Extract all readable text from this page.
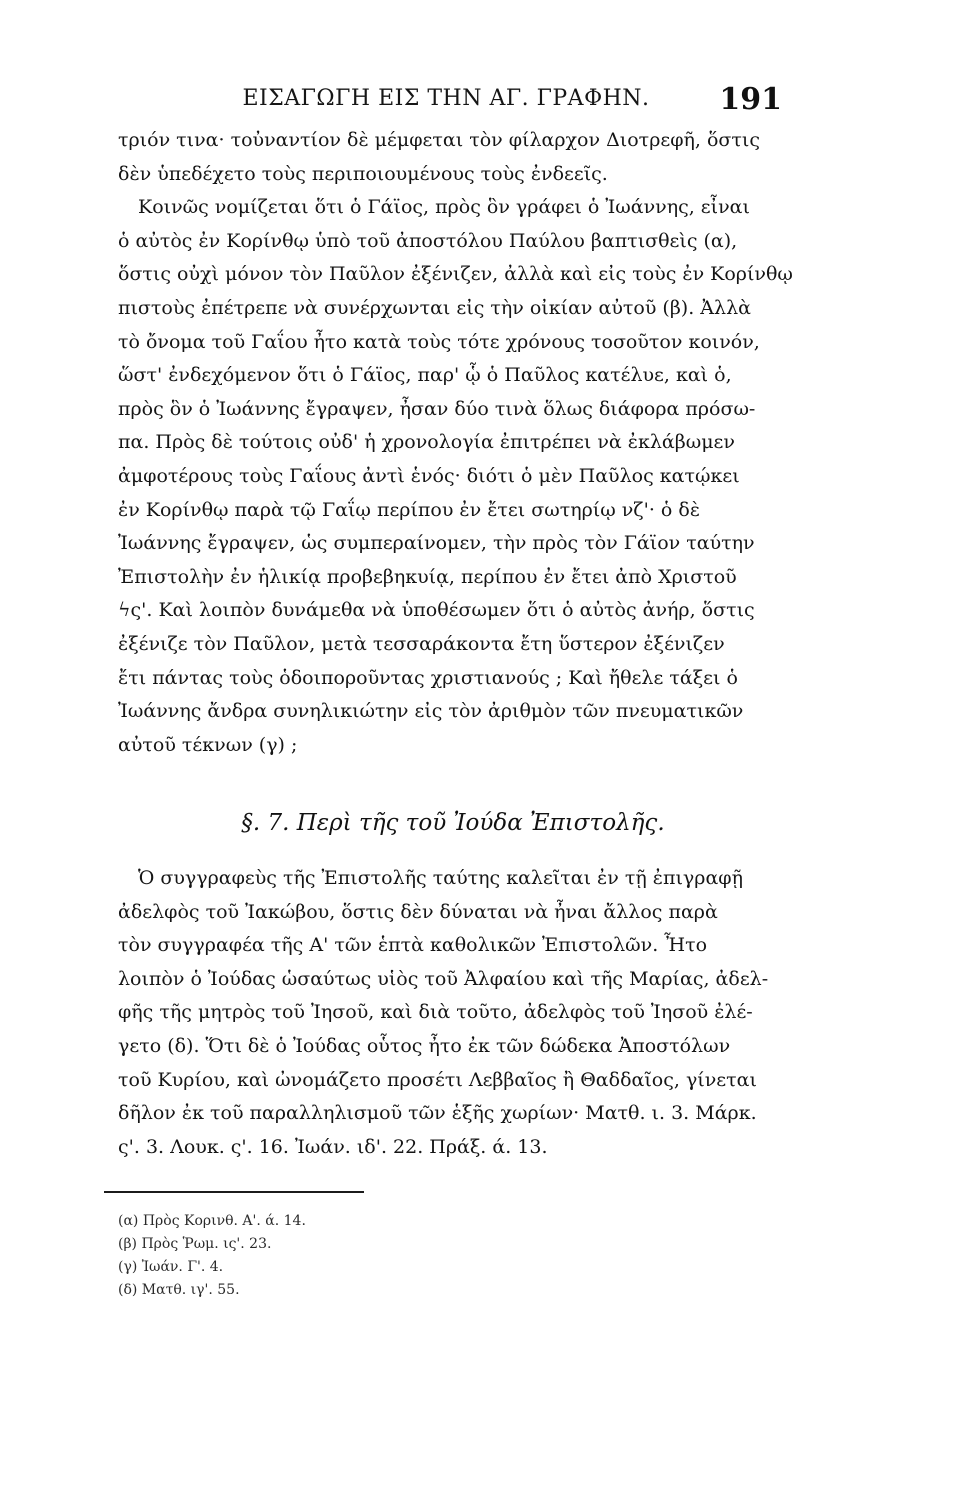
ΕΙΣΑΓΩΓΗ ΕΙΣ ΤΗΝ ΑΓ. ΓΡΑΦΗΝ.	191
τριόν τινα· τοὐναντίον δὲ μέμφεται τὸν φίλαρχον Διοτρεφῆ, ὅστις
δὲν ὑπεδέχετο τοὺς περιποιουμένους τοὺς ἐνδεεῖς.
Κοινῶς νομίζεται ὅτι ὁ Γάϊος, πρὸς ὃν γράφει ὁ Ἰωάννης, εἶναι
ὁ αὐτὸς ἐν Κορίνθῳ ὑπὸ τοῦ ἀποστόλου Παύλου βαπτισθεὶς (α),
ὅστις οὐχὶ μόνον τὸν Παῦλον ἐξένιζεν, ἀλλὰ καὶ εἰς τοὺς ἐν Κορίνθῳ
πιστοὺς ἐπέτρεπε νὰ συνέρχωνται εἰς τὴν οἰκίαν αὐτοῦ (β). Ἀλλὰ
τὸ ὄνομα τοῦ Γαΐου ἦτο κατὰ τοὺς τότε χρόνους τοσοῦτον κοινόν,
ὥστ' ἐνδεχόμενον ὅτι ὁ Γάϊος, παρ' ᾧ ὁ Παῦλος κατέλυε, καὶ ὁ,
πρὸς ὃν ὁ Ἰωάννης ἔγραψεν, ἦσαν δύο τινὰ ὅλως διάφορα πρόσω-
πα. Πρὸς δὲ τούτοις οὐδ' ἡ χρονολογία ἐπιτρέπει νὰ ἐκλάβωμεν
ἀμφοτέρους τοὺς Γαΐους ἀντὶ ἑνός· διότι ὁ μὲν Παῦλος κατῴκει
ἐν Κορίνθῳ παρὰ τῷ Γαΐῳ περίπου ἐν ἔτει σωτηρίῳ νζ'· ὁ δὲ
Ἰωάννης ἔγραψεν, ὡς συμπεραίνομεν, τὴν πρὸς τὸν Γάϊον ταύτην
Ἐπιστολὴν ἐν ἡλικίᾳ προβεβηκυίᾳ, περίπου ἐν ἔτει ἀπὸ Χριστοῦ
ϟς'. Καὶ λοιπὸν δυνάμεθα νὰ ὑποθέσωμεν ὅτι ὁ αὐτὸς ἀνήρ, ὅστις
ἐξένιζε τὸν Παῦλον, μετὰ τεσσαράκοντα ἔτη ὕστερον ἐξένιζεν
ἔτι πάντας τοὺς ὁδοιποροῦντας χριστιανούς ; Καὶ ἤθελε τάξει ὁ
Ἰωάννης ἄνδρα συνηλικιώτην εἰς τὸν ἀριθμὸν τῶν πνευματικῶν
αὐτοῦ τέκνων (γ) ;
§. 7. Περὶ τῆς τοῦ Ἰούδα Ἐπιστολῆς.
Ὁ συγγραφεὺς τῆς Ἐπιστολῆς ταύτης καλεῖται ἐν τῇ ἐπιγραφῇ
ἀδελφὸς τοῦ Ἰακώβου, ὅστις δὲν δύναται νὰ ἦναι ἄλλος παρὰ
τὸν συγγραφέα τῆς Α' τῶν ἑπτὰ καθολικῶν Ἐπιστολῶν. Ἦτο
λοιπὸν ὁ Ἰούδας ὡσαύτως υἱὸς τοῦ Ἀλφαίου καὶ τῆς Μαρίας, ἀδελ-
φῆς τῆς μητρὸς τοῦ Ἰησοῦ, καὶ διὰ τοῦτο, ἀδελφὸς τοῦ Ἰησοῦ ἐλέ-
γετο (δ). Ὅτι δὲ ὁ Ἰούδας οὗτος ἦτο ἐκ τῶν δώδεκα Ἀποστόλων
τοῦ Κυρίου, καὶ ὠνομάζετο προσέτι Λεββαῖος ἢ Θαδδαῖος, γίνεται
δῆλον ἐκ τοῦ παραλληλισμοῦ τῶν ἑξῆς χωρίων· Ματθ. ι. 3. Μάρκ.
ς'. 3. Λουκ. ς'. 16. Ἰωάν. ιδ'. 22. Πράξ. ά. 13.
(α) Πρὸς Κορινθ. Α'. ά. 14.
(β) Πρὸς Ῥωμ. ις'. 23.
(γ) Ἰωάν. Γ'. 4.
(δ) Ματθ. ιγ'. 55.
